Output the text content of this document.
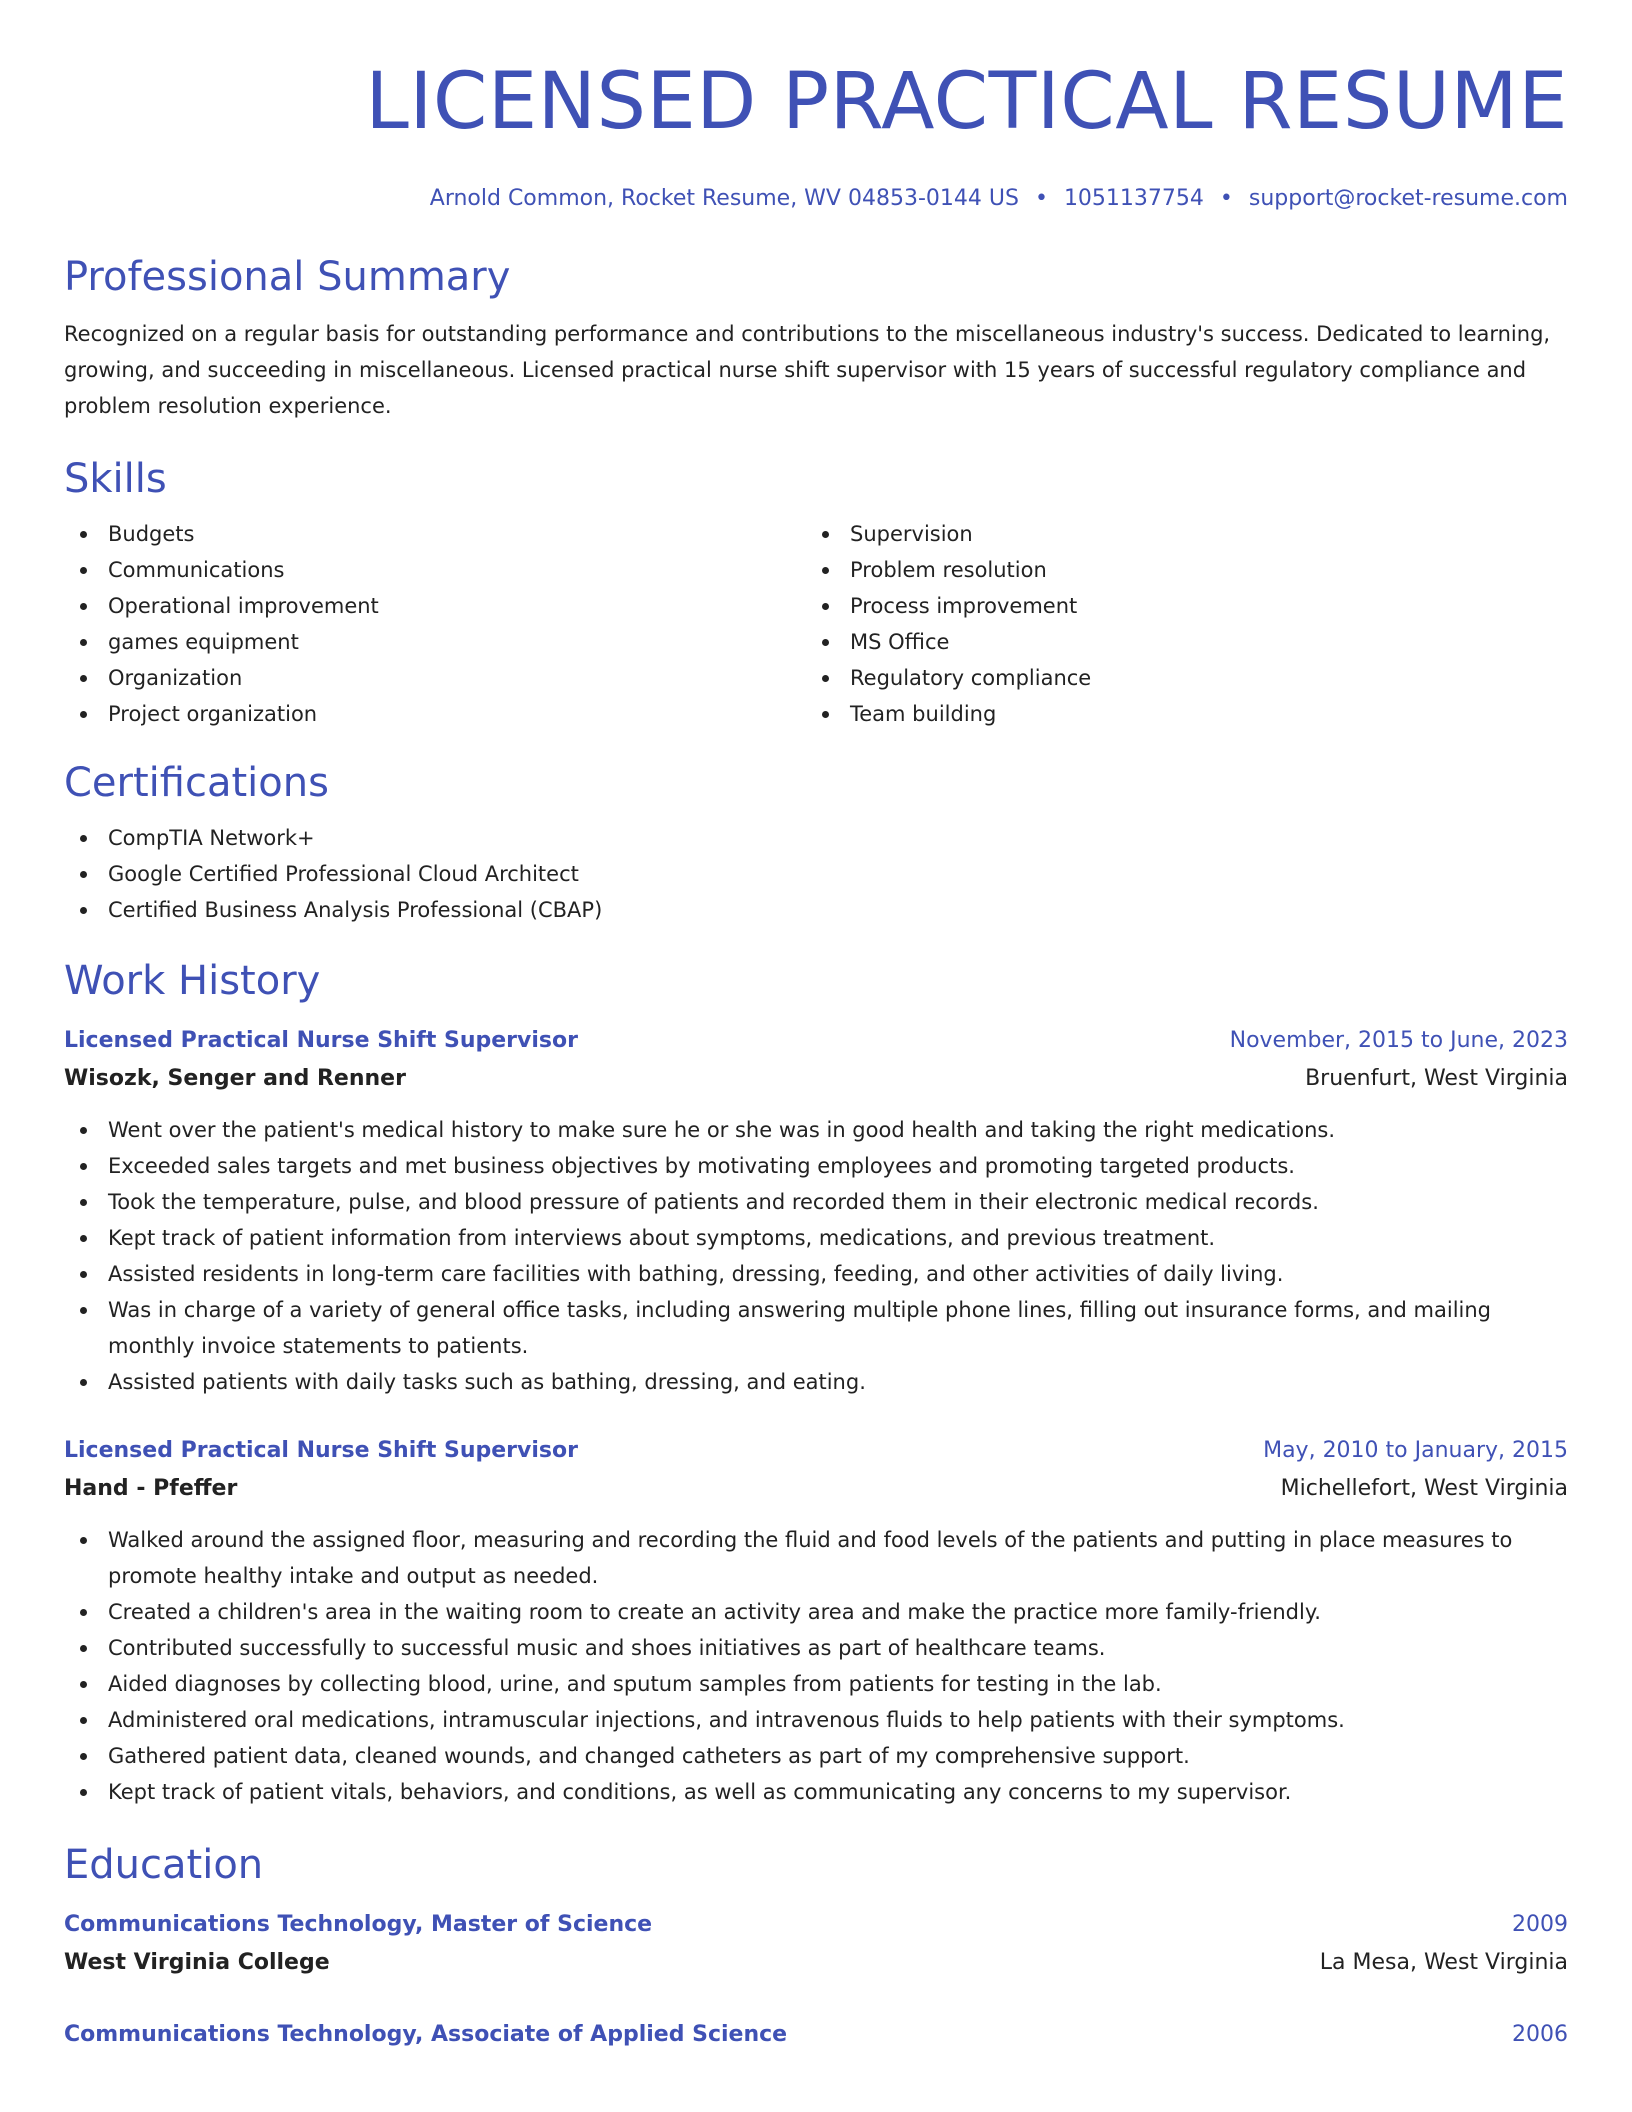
LICENSED PRACTICAL RESUME
Arnold Common, Rocket Resume, WV 04853-0144 US • 1051137754 • support@rocket-resume.com
Professional Summary

Recognized on a regular basis for outstanding performance and contributions to the miscellaneous industry's success. Dedicated to learning, growing, and succeeding in miscellaneous. Licensed practical nurse shift supervisor with 15 years of successful regulatory compliance and problem resolution experience.

Skills
Budgets
Communications
Operational improvement
games equipment
Organization
Project organization
Supervision
Problem resolution
Process improvement
MS Office
Regulatory compliance
Team building
Certifications
CompTIA Network+
Google Certified Professional Cloud Architect
Certified Business Analysis Professional (CBAP)
Work History
Licensed Practical Nurse Shift Supervisor	November, 2015 to June, 2023
Wisozk, Senger and Renner	Bruenfurt, West Virginia
Went over the patient's medical history to make sure he or she was in good health and taking the right medications.
Exceeded sales targets and met business objectives by motivating employees and promoting targeted products.
Took the temperature, pulse, and blood pressure of patients and recorded them in their electronic medical records.
Kept track of patient information from interviews about symptoms, medications, and previous treatment.
Assisted residents in long-term care facilities with bathing, dressing, feeding, and other activities of daily living.
Was in charge of a variety of general office tasks, including answering multiple phone lines, filling out insurance forms, and mailing monthly invoice statements to patients.
Assisted patients with daily tasks such as bathing, dressing, and eating.
Licensed Practical Nurse Shift Supervisor	May, 2010 to January, 2015
Hand - Pfeffer	Michellefort, West Virginia
Walked around the assigned floor, measuring and recording the fluid and food levels of the patients and putting in place measures to promote healthy intake and output as needed.
Created a children's area in the waiting room to create an activity area and make the practice more family-friendly.
Contributed successfully to successful music and shoes initiatives as part of healthcare teams.
Aided diagnoses by collecting blood, urine, and sputum samples from patients for testing in the lab.
Administered oral medications, intramuscular injections, and intravenous fluids to help patients with their symptoms.
Gathered patient data, cleaned wounds, and changed catheters as part of my comprehensive support.
Kept track of patient vitals, behaviors, and conditions, as well as communicating any concerns to my supervisor.
Education
Communications Technology, Master of Science	2009
West Virginia College	La Mesa, West Virginia
Communications Technology, Associate of Applied Science	2006
